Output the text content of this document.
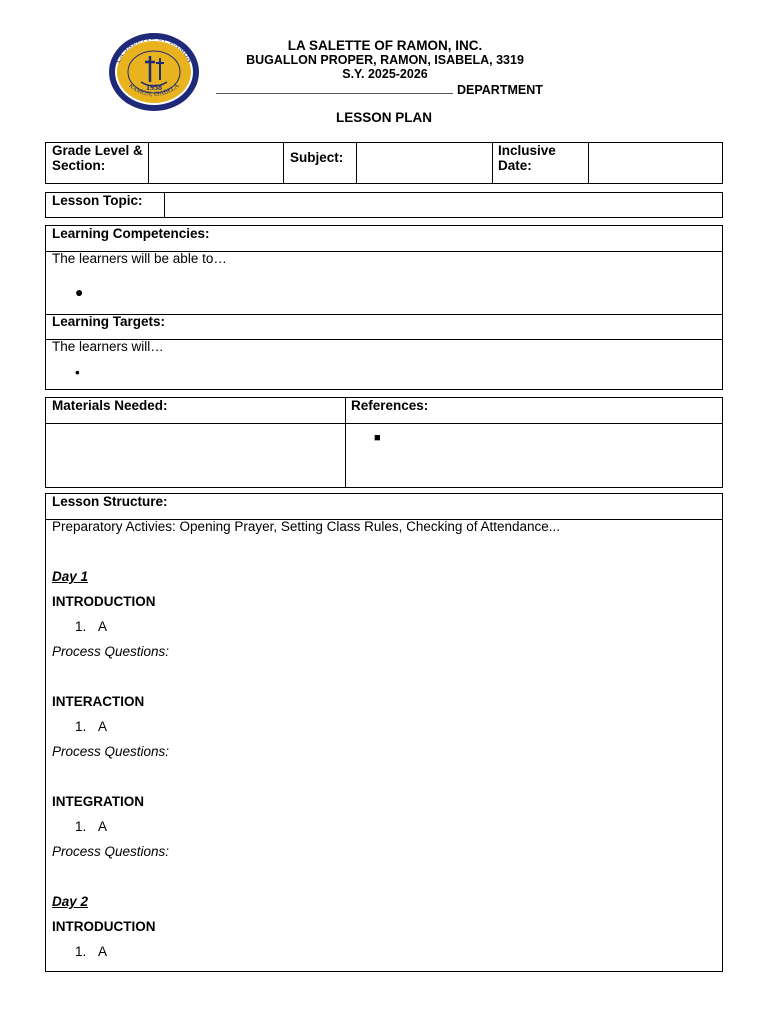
1958
LA SALETTE OF RAMON
RAMON, ISABELA
LA SALETTE OF RAMON, INC.
BUGALLON PROPER, RAMON, ISABELA, 3319
S.Y. 2025-2026
DEPARTMENT
LESSON PLAN
Grade Level & Section:
Subject:	Inclusive Date:
Lesson Topic:
Learning Competencies:
The learners will be able to…
●
Learning Targets:
The learners will…
•
Materials Needed:	References:
■
Lesson Structure:
Preparatory Activies: Opening Prayer, Setting Class Rules, Checking of Attendance...
Day 1
INTRODUCTION
1. A
Process Questions:
INTERACTION
1. A
Process Questions:
INTEGRATION
1. A
Process Questions:
Day 2
INTRODUCTION
1. A
